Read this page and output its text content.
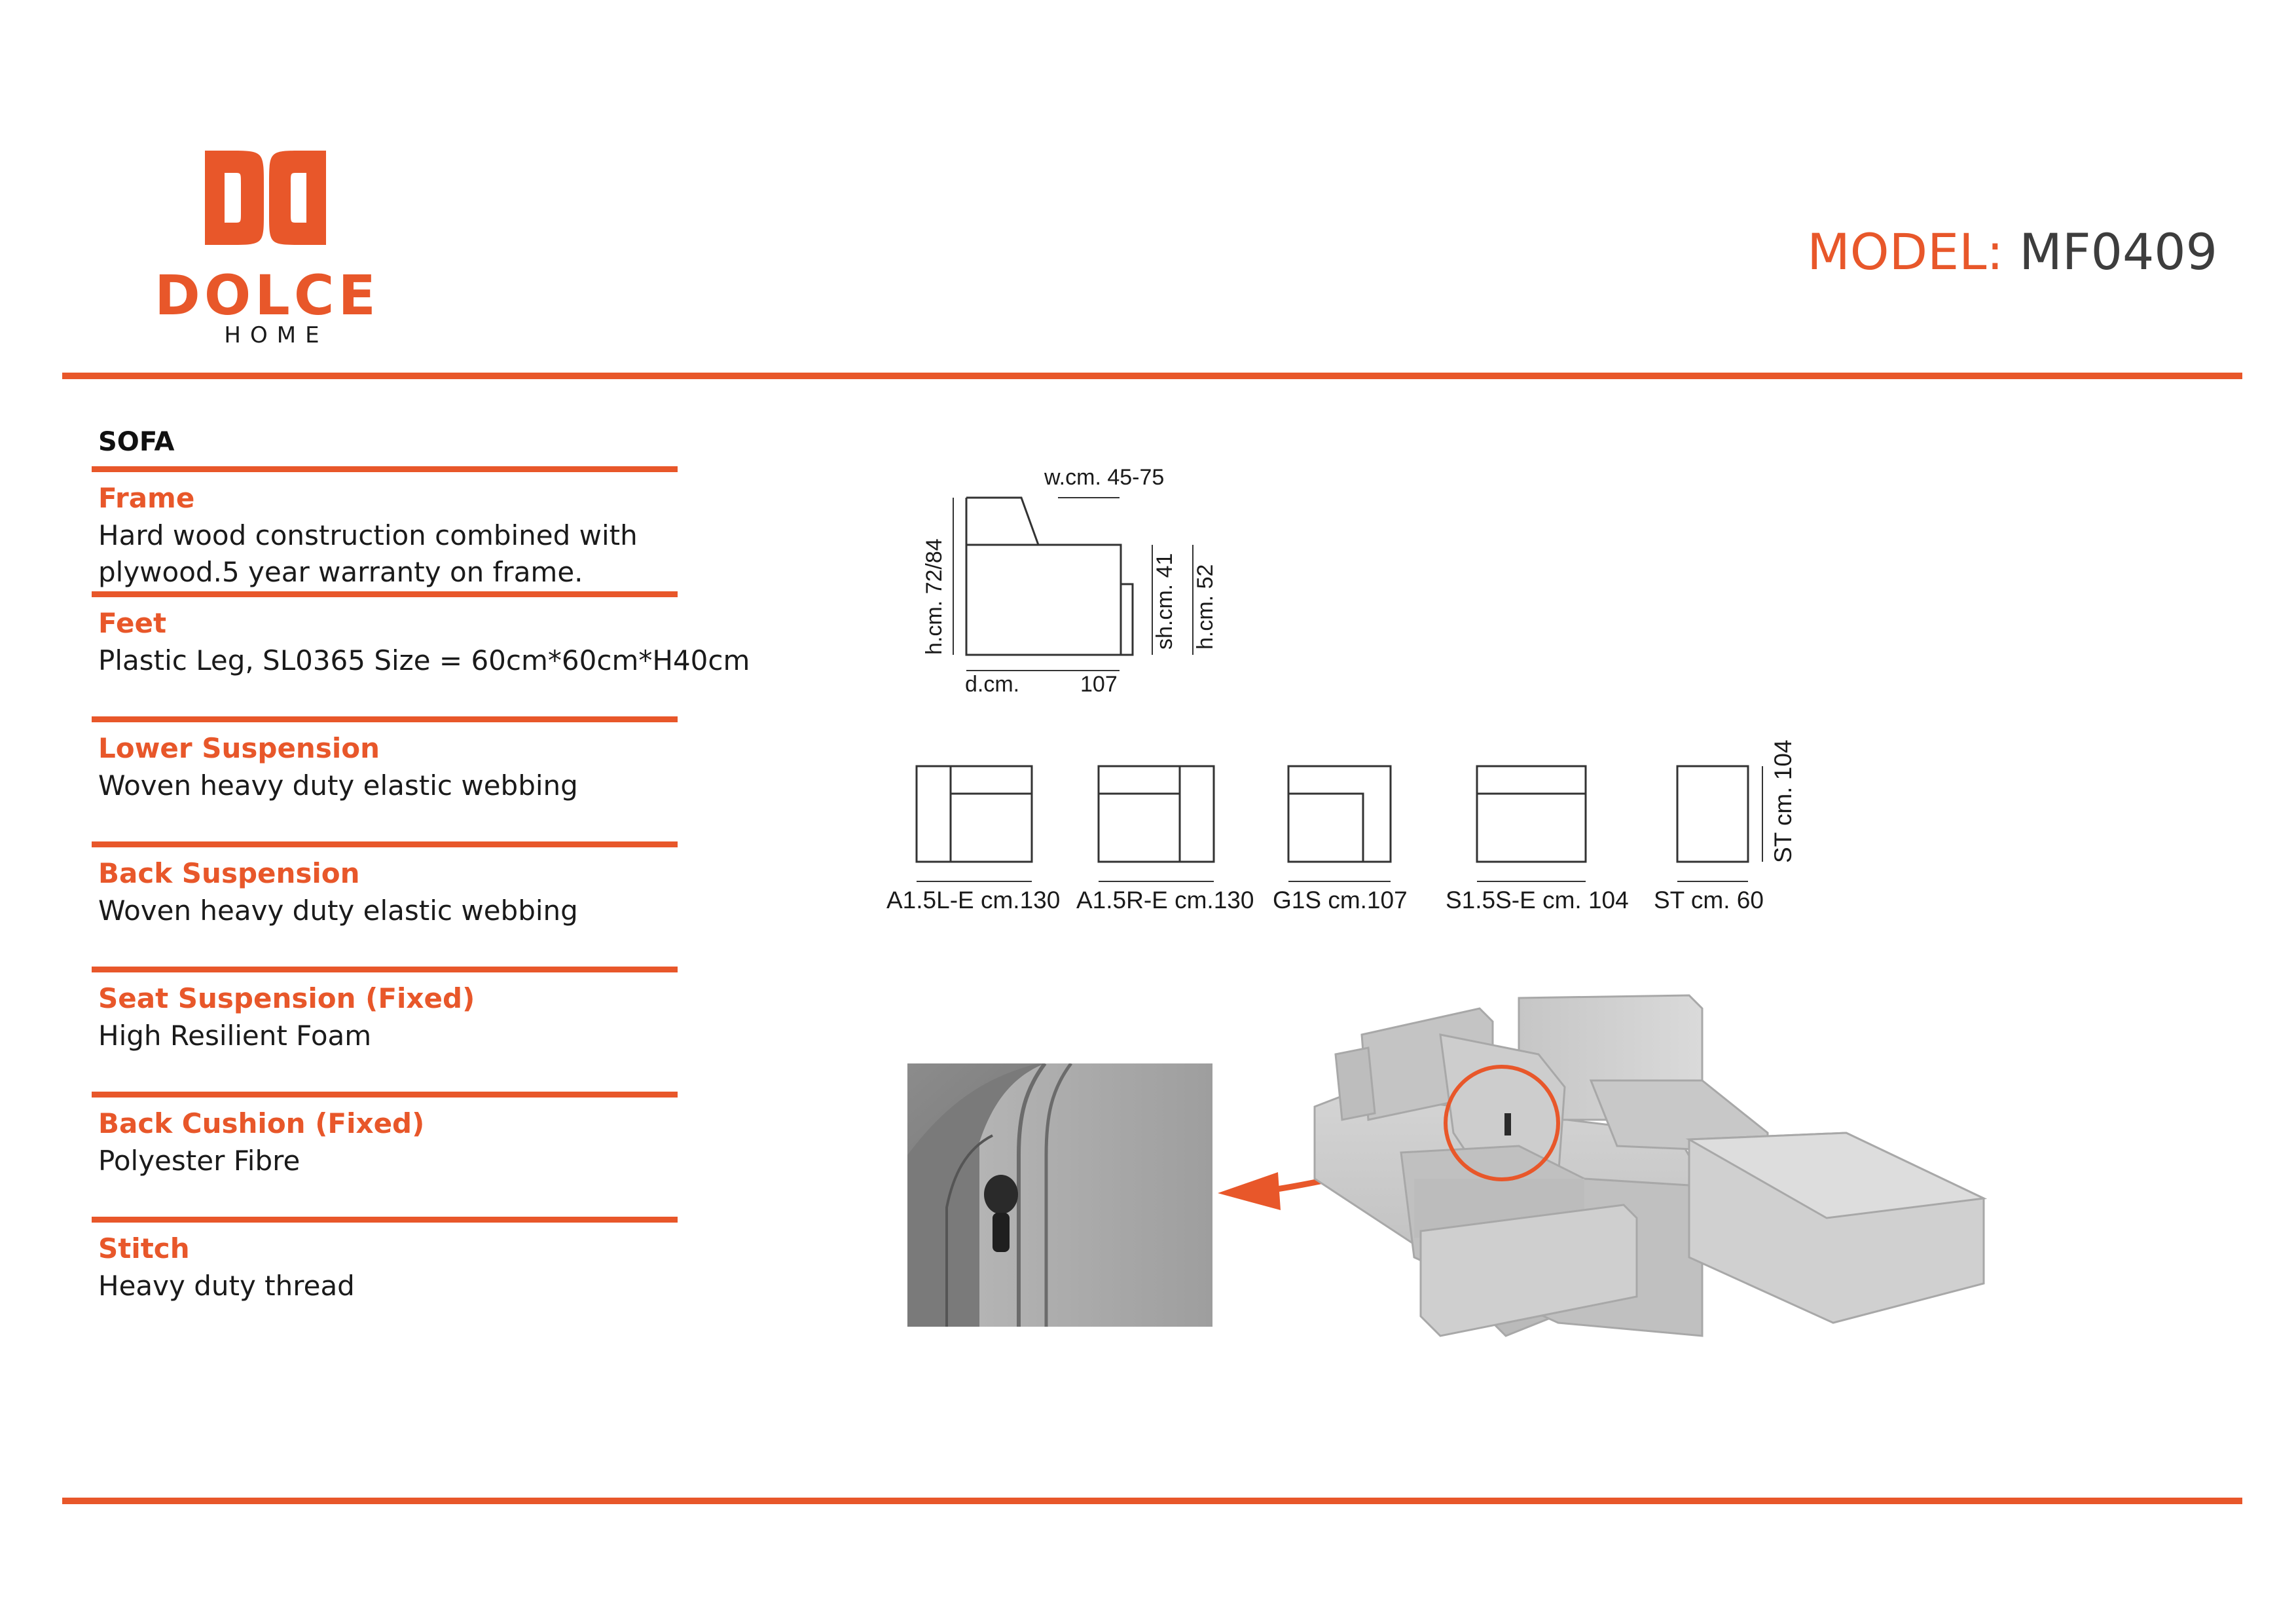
DOLCE
HOME
MODEL: MF0409
SOFA
Frame
Hard wood construction combined with
plywood.5 year warranty on frame.
Feet
Plastic Leg, SL0365 Size = 60cm*60cm*H40cm
Lower Suspension
Woven heavy duty elastic webbing
Back Suspension
Woven heavy duty elastic webbing
Seat Suspension (Fixed)
High Resilient Foam
Back Cushion (Fixed)
Polyester Fibre
Stitch
Heavy duty thread
w.cm. 45-75
h.cm. 72/84
d.cm.	107
sh.cm. 41 h.cm. 52
A1.5L-E cm.130 A1.5R-E cm.130 G1S cm.107 S1.5S-E cm. 104 ST cm. 60
ST cm. 104
